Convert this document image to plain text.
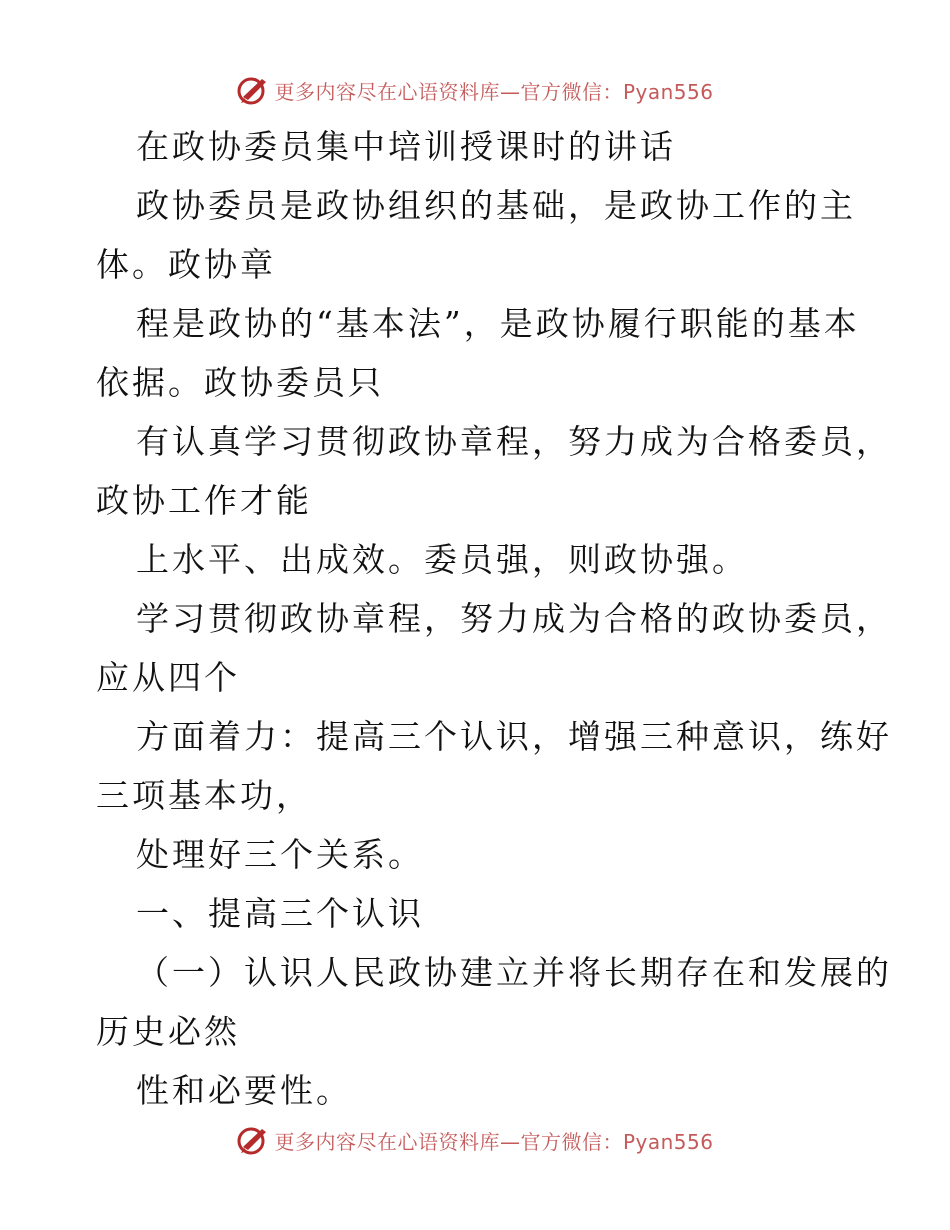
更多内容尽在心语资料库—官方微信：Pyan556
在政协委员集中培训授课时的讲话
政协委员是政协组织的基础，是政协工作的主
体。政协章
程是政协的“基本法”，是政协履行职能的基本
依据。政协委员只
有认真学习贯彻政协章程，努力成为合格委员，
政协工作才能
上水平、出成效。委员强，则政协强。
学习贯彻政协章程，努力成为合格的政协委员，
应从四个
方面着力：提高三个认识，增强三种意识，练好
三项基本功，
处理好三个关系。
一、提高三个认识
（一）认识人民政协建立并将长期存在和发展的
历史必然
性和必要性。
更多内容尽在心语资料库—官方微信：Pyan556
